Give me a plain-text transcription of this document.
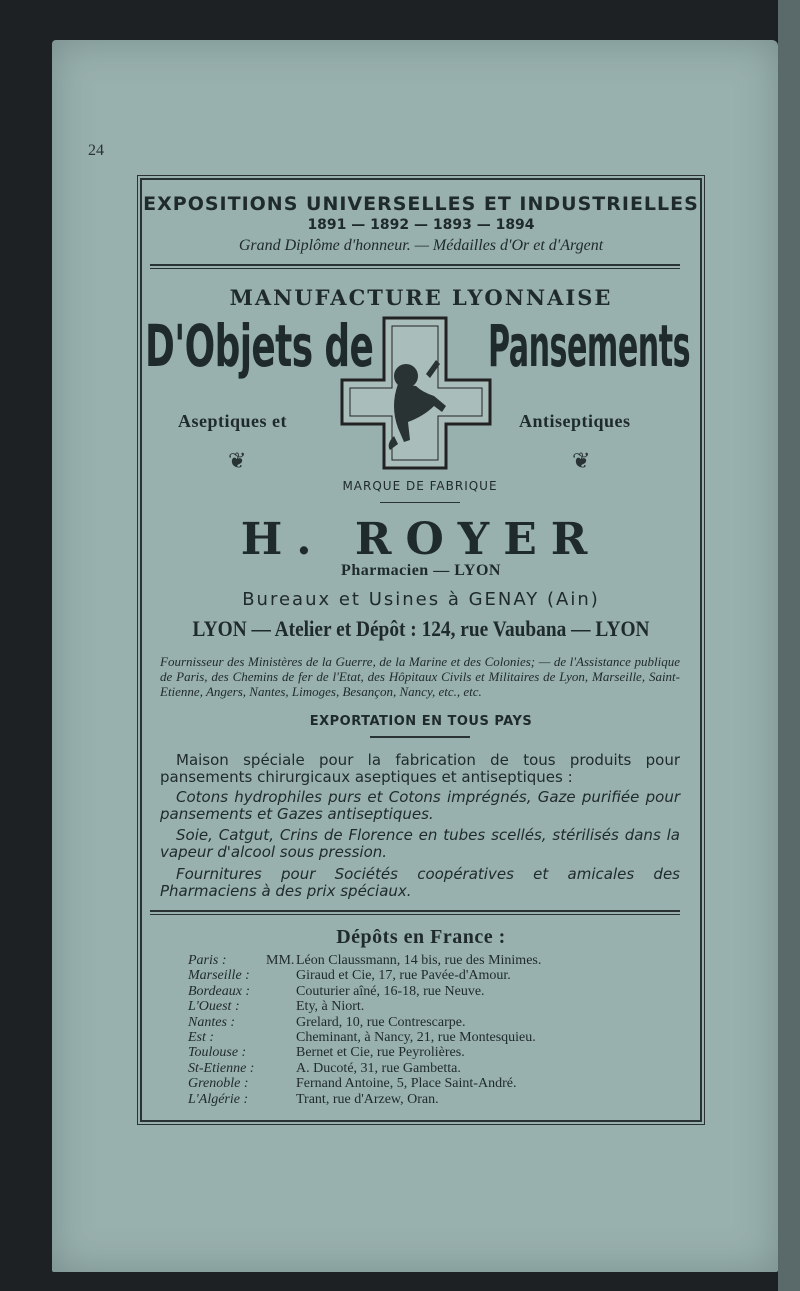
24
EXPOSITIONS UNIVERSELLES ET INDUSTRIELLES
1891 — 1892 — 1893 — 1894
Grand Diplôme d'honneur. — Médailles d'Or et d'Argent
MANUFACTURE LYONNAISE
D'Objets de Pansements
Aseptiques et	Antiseptiques
❦	❦
MARQUE DE FABRIQUE
H. ROYER
Pharmacien — LYON
Bureaux et Usines à GENAY (Ain)
LYON — Atelier et Dépôt : 124, rue Vaubana — LYON
Fournisseur des Ministères de la Guerre, de la Marine et des Colonies; — de l'Assistance publique de Paris, des Chemins de fer de l'Etat, des Hôpitaux Civils et Militaires de Lyon, Marseille, Saint-Etienne, Angers, Nantes, Limoges, Besançon, Nancy, etc., etc.
EXPORTATION EN TOUS PAYS
Maison spéciale pour la fabrication de tous produits pour pansements chirurgicaux aseptiques et antiseptiques :
Cotons hydrophiles purs et Cotons imprégnés, Gaze purifiée pour pansements et Gazes antiseptiques.
Soie, Catgut, Crins de Florence en tubes scellés, stérilisés dans la vapeur d'alcool sous pression.
Fournitures pour Sociétés coopératives et amicales des Pharmaciens à des prix spéciaux.
Dépôts en France :
Paris :	MM. Léon Claussmann, 14 bis, rue des Minimes.
Marseille :	Giraud et Cie, 17, rue Pavée-d'Amour.
Bordeaux :	Couturier aîné, 16-18, rue Neuve.
L'Ouest :	Ety, à Niort.
Nantes :	Grelard, 10, rue Contrescarpe.
Est :	Cheminant, à Nancy, 21, rue Montesquieu.
Toulouse :	Bernet et Cie, rue Peyrolières.
St-Etienne :	A. Ducoté, 31, rue Gambetta.
Grenoble :	Fernand Antoine, 5, Place Saint-André.
L'Algérie :	Trant, rue d'Arzew, Oran.
